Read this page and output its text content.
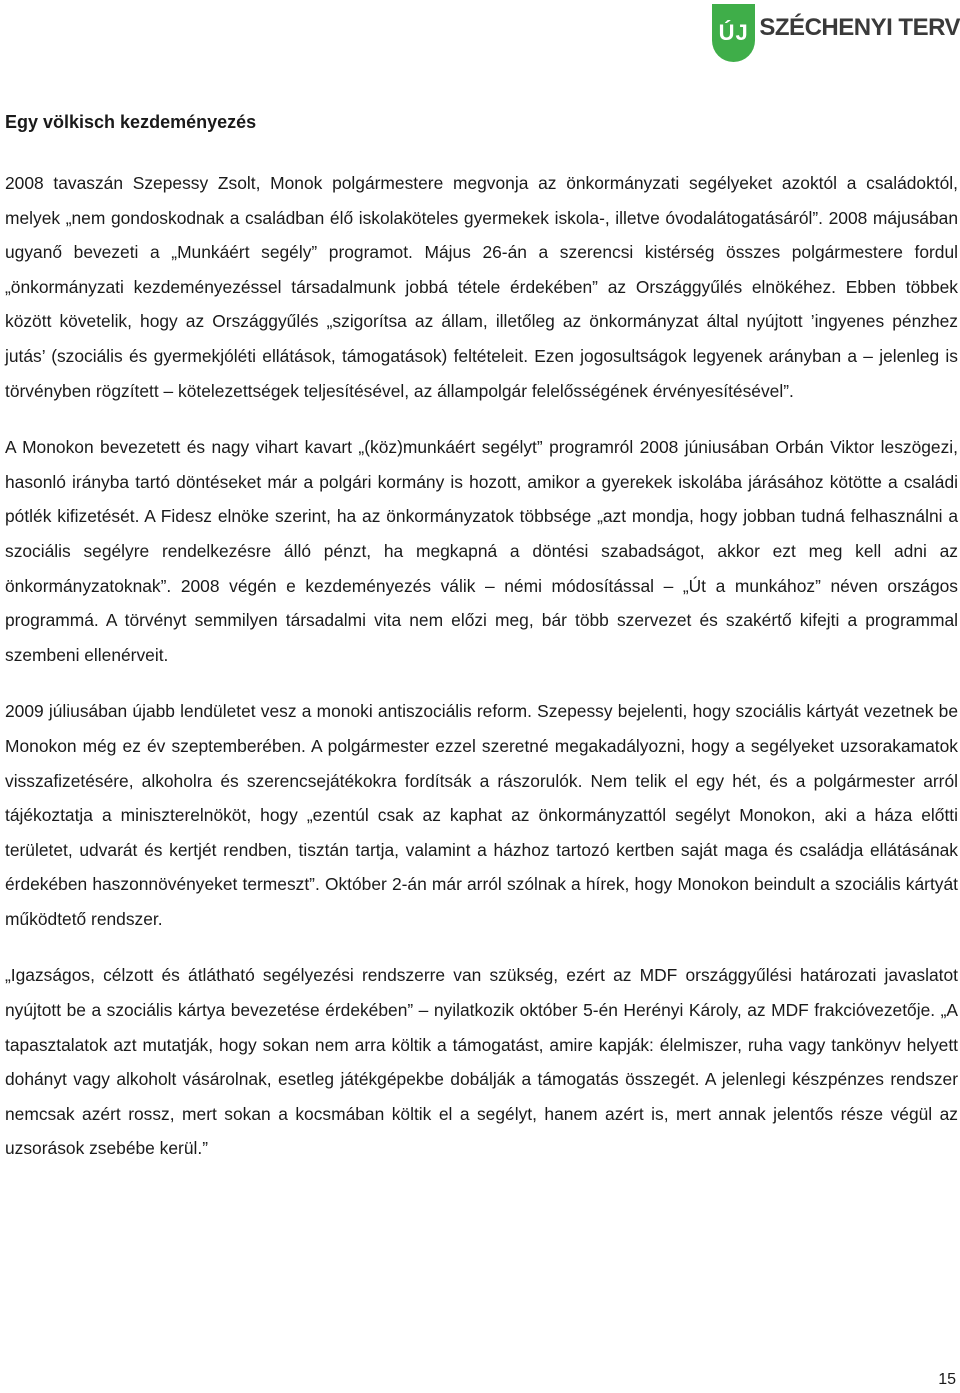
ÚJ SZÉCHENYI TERV
Egy völkisch kezdeményezés

2008 tavaszán Szepessy Zsolt, Monok polgármestere megvonja az önkormányzati segélyeket azoktól a családoktól, melyek „nem gondoskodnak a családban élő iskolaköteles gyermekek iskola-, illetve óvodalátogatásáról”. 2008 májusában ugyanő bevezeti a „Munkáért segély” programot. Május 26-án a szerencsi kistérség összes polgármestere fordul „önkormányzati kezdeményezéssel társadalmunk jobbá tétele érdekében” az Országgyűlés elnökéhez. Ebben többek között követelik, hogy az Országgyűlés „szigorítsa az állam, illetőleg az önkormányzat által nyújtott ’ingyenes pénzhez jutás’ (szociális és gyermekjóléti ellátások, támogatások) feltételeit. Ezen jogosultságok legyenek arányban a – jelenleg is törvényben rögzített – kötelezettségek teljesítésével, az állampolgár felelősségének érvényesítésével”.

A Monokon bevezetett és nagy vihart kavart „(köz)munkáért segélyt” programról 2008 júniusában Orbán Viktor leszögezi, hasonló irányba tartó döntéseket már a polgári kormány is hozott, amikor a gyerekek iskolába járásához kötötte a családi pótlék kifizetését. A Fidesz elnöke szerint, ha az önkormányzatok többsége „azt mondja, hogy jobban tudná felhasználni a szociális segélyre rendelkezésre álló pénzt, ha megkapná a döntési szabadságot, akkor ezt meg kell adni az önkormányzatoknak”. 2008 végén e kezdeményezés válik – némi módosítással – „Út a munkához” néven országos programmá. A törvényt semmilyen társadalmi vita nem előzi meg, bár több szervezet és szakértő kifejti a programmal szembeni ellenérveit.

2009 júliusában újabb lendületet vesz a monoki antiszociális reform. Szepessy bejelenti, hogy szociális kártyát vezetnek be Monokon még ez év szeptemberében. A polgármester ezzel szeretné megakadályozni, hogy a segélyeket uzsorakamatok visszafizetésére, alkoholra és szerencsejátékokra fordítsák a rászorulók. Nem telik el egy hét, és a polgármester arról tájékoztatja a miniszterelnököt, hogy „ezentúl csak az kaphat az önkormányzattól segélyt Monokon, aki a háza előtti területet, udvarát és kertjét rendben, tisztán tartja, valamint a házhoz tartozó kertben saját maga és családja ellátásának érdekében haszonnövényeket termeszt”. Október 2-án már arról szólnak a hírek, hogy Monokon beindult a szociális kártyát működtető rendszer.

„Igazságos, célzott és átlátható segélyezési rendszerre van szükség, ezért az MDF országgyűlési határozati javaslatot nyújtott be a szociális kártya bevezetése érdekében” – nyilatkozik október 5-én Herényi Károly, az MDF frakcióvezetője. „A tapasztalatok azt mutatják, hogy sokan nem arra költik a támogatást, amire kapják: élelmiszer, ruha vagy tankönyv helyett dohányt vagy alkoholt vásárolnak, esetleg játékgépekbe dobálják a támogatás összegét. A jelenlegi készpénzes rendszer nemcsak azért rossz, mert sokan a kocsmában költik el a segélyt, hanem azért is, mert annak jelentős része végül az uzsorások zsebébe kerül.”

15
